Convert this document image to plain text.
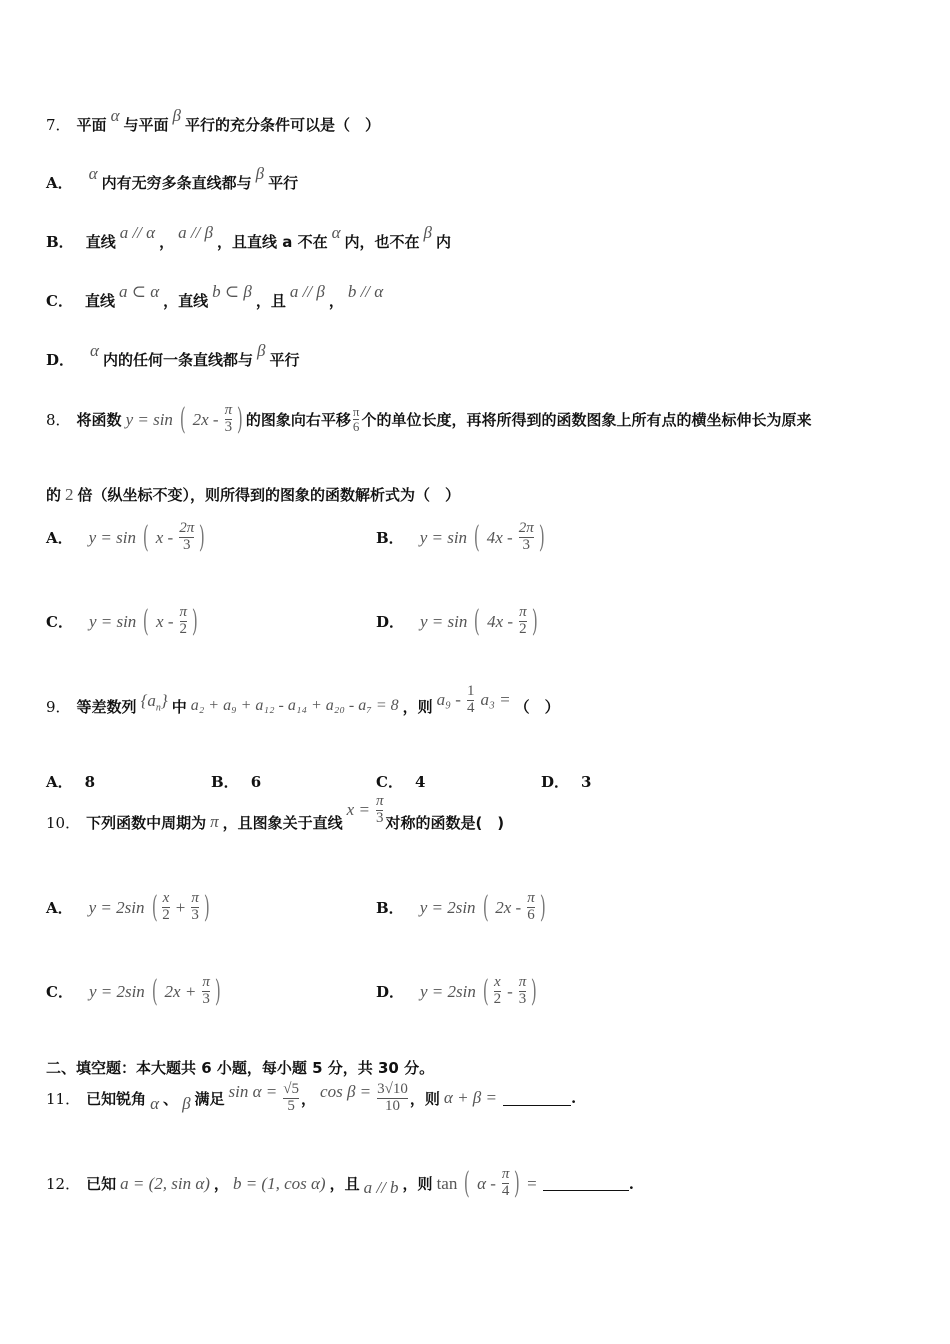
7． 平面
α
与平面
β
平行的充分条件可以是（　）
A．
α
内有无穷多条直线都与
β
平行
B． 直线
a // α
，
a // β
，且直线 a 不在
α
内，也不在
β
内
C． 直线
a ⊂ α
，直线
b ⊂ β
，且
a // β
，
b // α
D．
α
内的任何一条直线都与
β
平行
8． 将函数 y = sin ( $2x - \frac{\pi}{3}$ ) 的图象向右平移 $\frac{\pi}{6}$ 个的单位长度，再将所得到的函数图象上所有点的横坐标伸长为原来
的 2 倍（纵坐标不变），则所得到的图象的函数解析式为（　）
A． y = sin ( x - $\frac{2\pi}{3}$ )	B． y = sin ( $4x - \frac{2\pi}{3}$ )
C． y = sin ( x - $\frac{\pi}{2}$ )	D． y = sin ( $4x - \frac{\pi}{2}$ )
9． 等差数列 $\{a_n\}$ 中 a₂ + a₉ + a₁₂ - a₁₄ + a₂₀ - a₇ = 8 ，则 $a_9 - \frac{1}{4} a_3$ = （　）
A． 8	B． 6	C． 4	D． 3
10． 下列函数中周期为 π ，且图象关于直线
$x = \frac{\pi}{3}$ 对称的函数是(　)
A． y = 2sin ( $\frac{x}{2} + \frac{\pi}{3}$ )	B． y = 2sin ( $2x - \frac{\pi}{6}$ )
C． y = 2sin ( $2x + \frac{\pi}{3}$ )	D． y = 2sin ( $\frac{x}{2} - \frac{\pi}{3}$ )
二、填空题：本大题共 6 小题，每小题 5 分，共 30 分。
11． 已知锐角 α 、 β 满足 $\sin \alpha = \frac{√5}{5}$ ， $\cos \beta = \frac{3√10}{10}$ ，则 α + β =	.
12． 已知 a = (2, sin α) ， b = (1, cos α) ，且 a // b ，则 tan ( α - $\frac{\pi}{4}$ ) =	.
